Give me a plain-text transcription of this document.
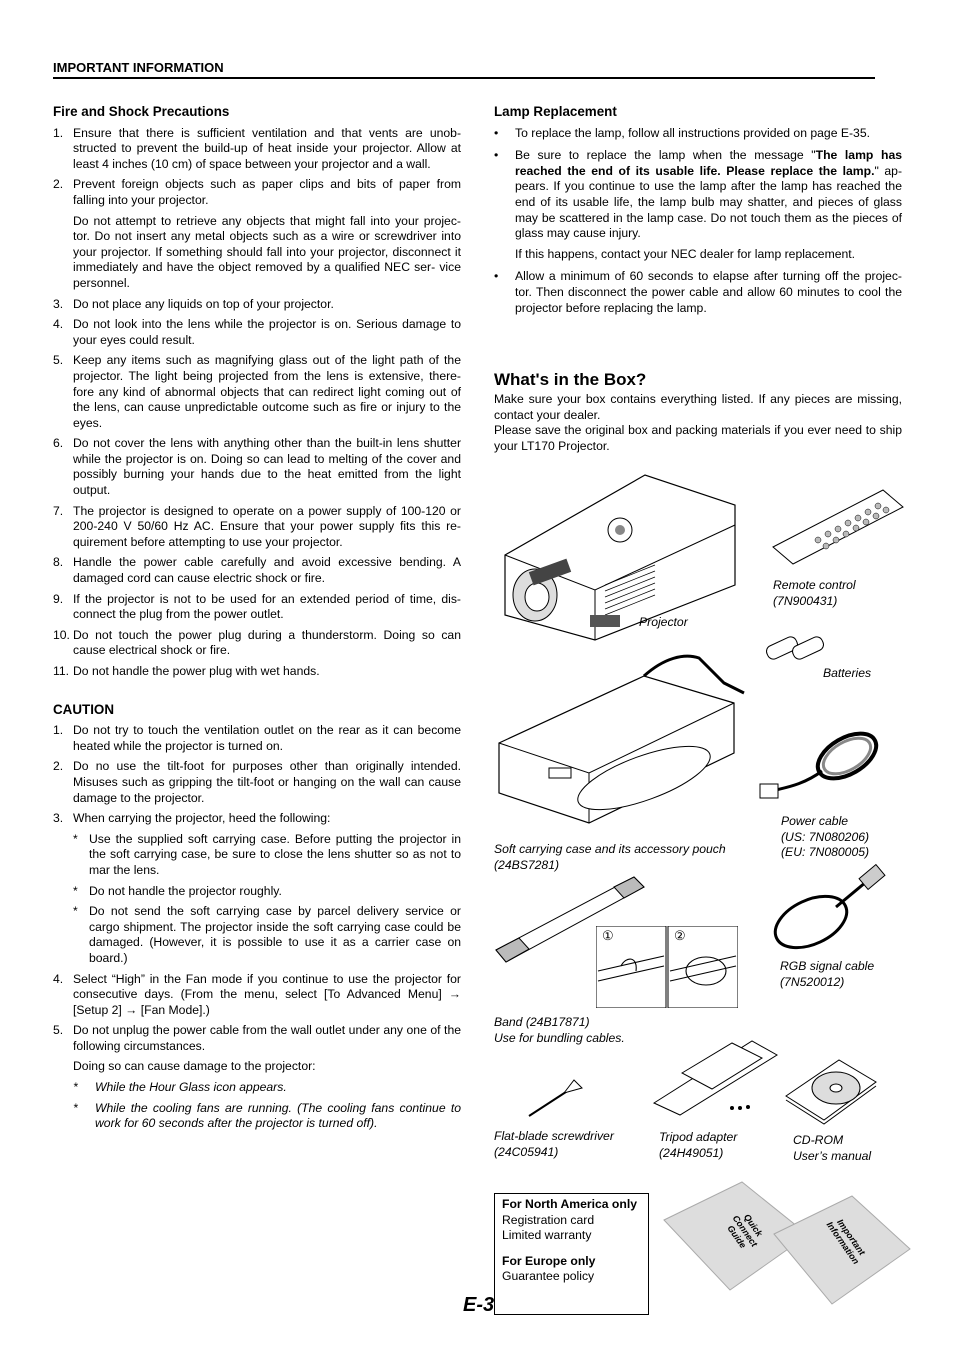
IMPORTANT INFORMATION
Fire and Shock Precautions
1. Ensure that there is sufficient ventilation and that vents are unob- structed to prevent the build-up of heat inside your projector. Allow at least 4 inches (10 cm) of space between your projector and a wall.
2. Prevent foreign objects such as paper clips and bits of paper from falling into your projector.

Do not attempt to retrieve any objects that might fall into your projec- tor. Do not insert any metal objects such as a wire or screwdriver into your projector. If something should fall into your projector, disconnect it immediately and have the object removed by a qualified NEC ser- vice personnel.

3. Do not place any liquids on top of your projector.
4. Do not look into the lens while the projector is on. Serious damage to your eyes could result.
5. Keep any items such as magnifying glass out of the light path of the projector. The light being projected from the lens is extensive, there- fore any kind of abnormal objects that can redirect light coming out of the lens, can cause unpredictable outcome such as fire or injury to the eyes.
6. Do not cover the lens with anything other than the built-in lens shutter while the projector is on. Doing so can lead to melting of the cover and possibly burning your hands due to the heat emitted from the light output.
7. The projector is designed to operate on a power supply of 100-120 or 200-240 V 50/60 Hz AC. Ensure that your power supply fits this re- quirement before attempting to use your projector.
8. Handle the power cable carefully and avoid excessive bending. A damaged cord can cause electric shock or fire.
9. If the projector is not to be used for an extended period of time, dis- connect the plug from the power outlet.
10. Do not touch the power plug during a thunderstorm. Doing so can cause electrical shock or fire.
11. Do not handle the power plug with wet hands.
CAUTION
1. Do not try to touch the ventilation outlet on the rear as it can become heated while the projector is turned on.
2. Do no use the tilt-foot for purposes other than originally intended. Misuses such as gripping the tilt-foot or hanging on the wall can cause damage to the projector.
3. When carrying the projector, heed the following:
* Use the supplied soft carrying case. Before putting the projector in the soft carrying case, be sure to close the lens shutter so as not to mar the lens.
* Do not handle the projector roughly.
* Do not send the soft carrying case by parcel delivery service or cargo shipment. The projector inside the soft carrying case could be damaged. (However, it is possible to use it as a carrier case on board.)
4. Select “High” in the Fan mode if you continue to use the projector for consecutive days. (From the menu, select [To Advanced Menu] → [Setup 2] → [Fan Mode].)
5. Do not unplug the power cable from the wall outlet under any one of the following circumstances.

Doing so can cause damage to the projector:

* While the Hour Glass icon appears.
* While the cooling fans are running. (The cooling fans continue to work for 60 seconds after the projector is turned off).
Lamp Replacement
• To replace the lamp, follow all instructions provided on page E-35.
• Be sure to replace the lamp when the message "The lamp has reached the end of its usable life. Please replace the lamp." ap- pears. If you continue to use the lamp after the lamp has reached the end of its usable life, the lamp bulb may shatter, and pieces of glass may be scattered in the lamp case. Do not touch them as the pieces of glass may cause injury.

If this happens, contact your NEC dealer for lamp replacement.

• Allow a minimum of 60 seconds to elapse after turning off the projec- tor. Then disconnect the power cable and allow 60 minutes to cool the projector before replacing the lamp.
What's in the Box?
Make sure your box contains everything listed. If any pieces are missing, contact your dealer.
Please save the original box and packing materials if you ever need to ship your LT170 Projector.
Projector
Remote control
(7N900431)
Batteries
Soft carrying case and its accessory pouch
(24BS7281)
Power cable
(US: 7N080206)
(EU: 7N080005)
①	②
Band (24B17871)
Use for bundling cables.
RGB signal cable
(7N520012)
Flat-blade screwdriver
(24C05941)
Tripod adapter
(24H49051)
CD-ROM
User’s manual
For North America only
Registration card
Limited warranty
For Europe only
Guarantee policy
Quick Connect Guide	Important Information
E-3
